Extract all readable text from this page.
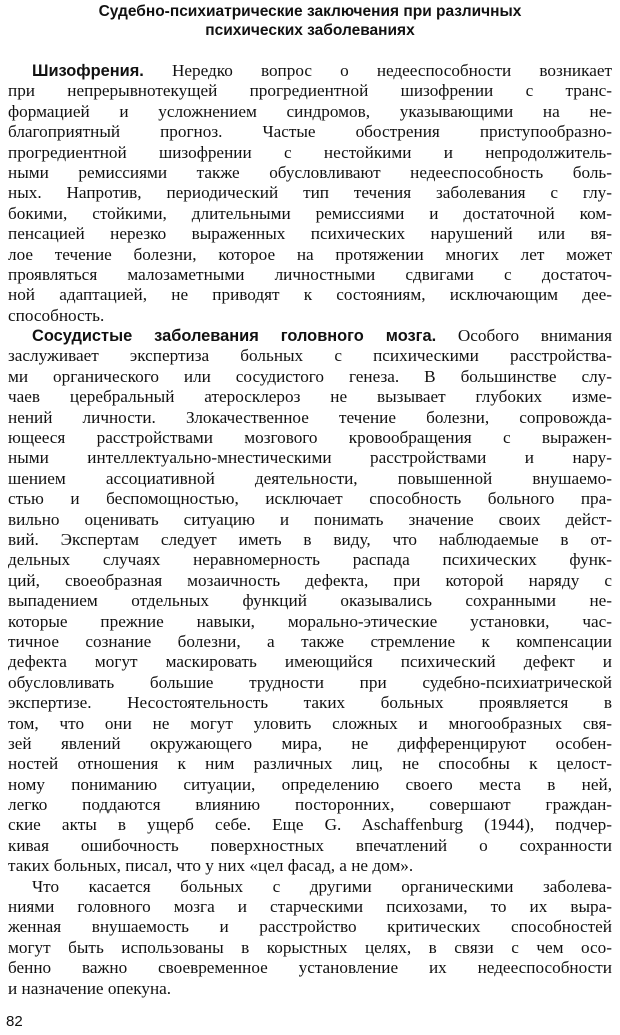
Судебно-психиатрические заключения при различных
психических заболеваниях
Шизофрения. Нередко вопрос о недееспособности возникает
при непрерывнотекущей прогредиентной шизофрении с транс-
формацией и усложнением синдромов, указывающими на не-
благоприятный прогноз. Частые обострения приступообразно-
прогредиентной шизофрении с нестойкими и непродолжитель-
ными ремиссиями также обусловливают недееспособность боль-
ных. Напротив, периодический тип течения заболевания с глу-
бокими, стойкими, длительными ремиссиями и достаточной ком-
пенсацией нерезко выраженных психических нарушений или вя-
лое течение болезни, которое на протяжении многих лет может
проявляться малозаметными личностными сдвигами с достаточ-
ной адаптацией, не приводят к состояниям, исключающим дее-
способность.
Сосудистые заболевания головного мозга. Особого внимания
заслуживает экспертиза больных с психическими расстройства-
ми органического или сосудистого генеза. В большинстве слу-
чаев церебральный атеросклероз не вызывает глубоких изме-
нений личности. Злокачественное течение болезни, сопровожда-
ющееся расстройствами мозгового кровообращения с выражен-
ными интеллектуально-мнестическими расстройствами и нару-
шением ассоциативной деятельности, повышенной внушаемо-
стью и беспомощностью, исключает способность больного пра-
вильно оценивать ситуацию и понимать значение своих дейст-
вий. Экспертам следует иметь в виду, что наблюдаемые в от-
дельных случаях неравномерность распада психических функ-
ций, своеобразная мозаичность дефекта, при которой наряду с
выпадением отдельных функций оказывались сохранными не-
которые прежние навыки, морально-этические установки, час-
тичное сознание болезни, а также стремление к компенсации
дефекта могут маскировать имеющийся психический дефект и
обусловливать большие трудности при судебно-психиатрической
экспертизе. Несостоятельность таких больных проявляется в
том, что они не могут уловить сложных и многообразных свя-
зей явлений окружающего мира, не дифференцируют особен-
ностей отношения к ним различных лиц, не способны к целост-
ному пониманию ситуации, определению своего места в ней,
легко поддаются влиянию посторонних, совершают граждан-
ские акты в ущерб себе. Еще G. Aschaffenburg (1944), подчер-
кивая ошибочность поверхностных впечатлений о сохранности
таких больных, писал, что у них «цел фасад, а не дом».
Что касается больных с другими органическими заболева-
ниями головного мозга и старческими психозами, то их выра-
женная внушаемость и расстройство критических способностей
могут быть использованы в корыстных целях, в связи с чем осо-
бенно важно своевременное установление их недееспособности
и назначение опекуна.
82
